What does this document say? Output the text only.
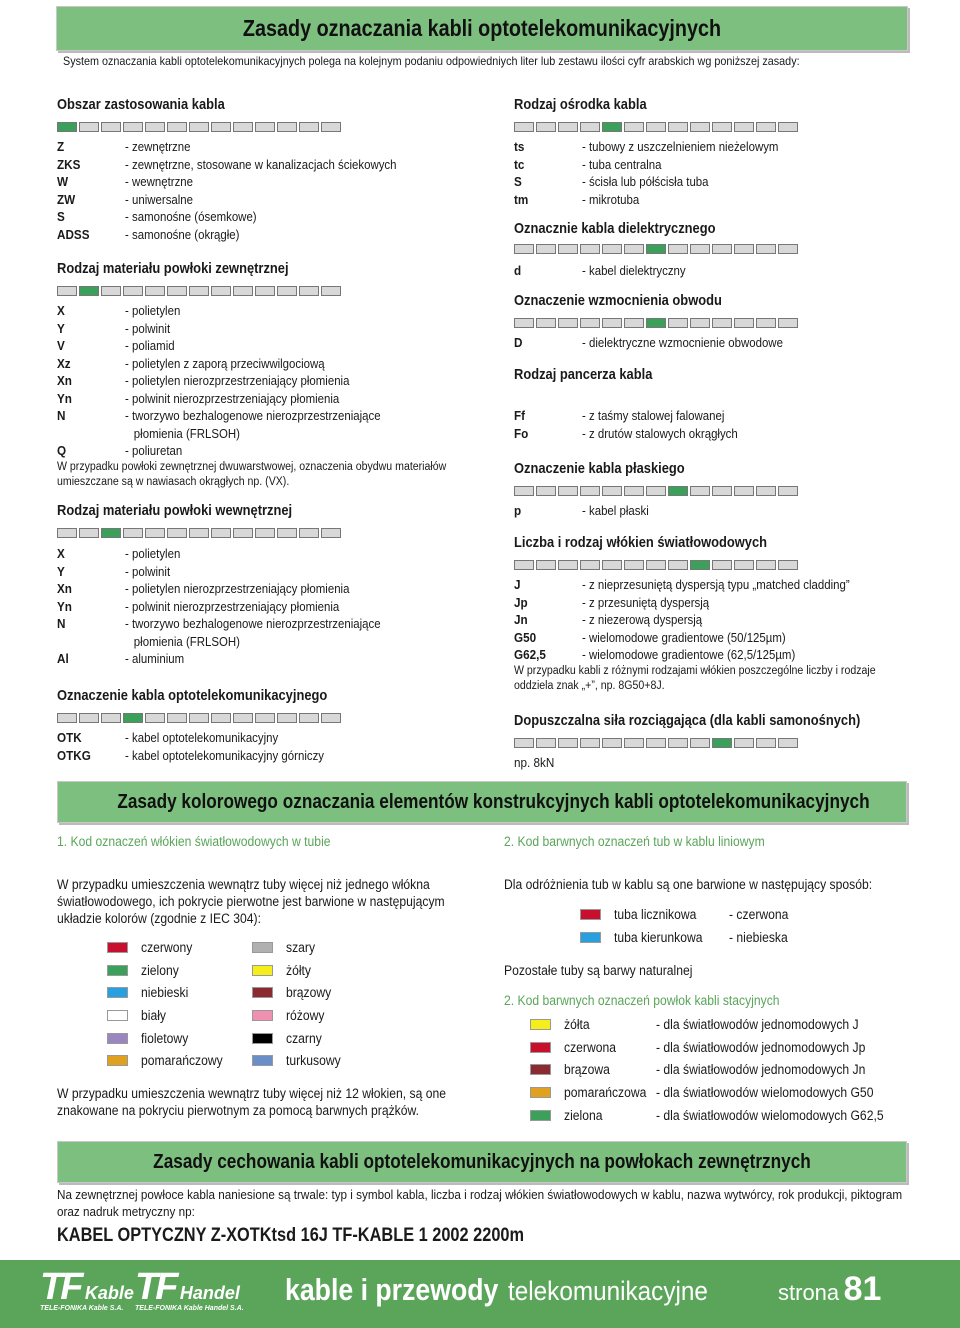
Zasady oznaczania kabli optotelekomunikacyjnych
System oznaczania kabli optotelekomunikacyjnych polega na kolejnym podaniu odpowiedniych liter lub zestawu ilości cyfr arabskich wg poniższej zasady:
Obszar zastosowania kabla
Z	- zewnętrzne
ZKS	- zewnętrzne, stosowane w kanalizacjach ściekowych
W	- wewnętrzne
ZW	- uniwersalne
S	- samonośne (ósemkowe)
ADSS	- samonośne (okrągłe)
Rodzaj materiału powłoki zewnętrznej
X	- polietylen
Y	- polwinit
V	- poliamid
Xz	- polietylen z zaporą przeciwwilgociową
Xn	- polietylen nierozprzestrzeniający płomienia
Yn	- polwinit nierozprzestrzeniający płomienia
N	- tworzywo bezhalogenowe nierozprzestrzeniające
płomienia (FRLSOH)
Q	- poliuretan
W przypadku powłoki zewnętrznej dwuwarstwowej, oznaczenia obydwu materiałów umieszczane są w nawiasach okrągłych np. (VX).
Rodzaj materiału powłoki wewnętrznej
X	- polietylen
Y	- polwinit
Xn	- polietylen nierozprzestrzeniający płomienia
Yn	- polwinit nierozprzestrzeniający płomienia
N	- tworzywo bezhalogenowe nierozprzestrzeniające
płomienia (FRLSOH)
Al	- aluminium
Oznaczenie kabla optotelekomunikacyjnego
OTK	- kabel optotelekomunikacyjny
OTKG	- kabel optotelekomunikacyjny górniczy
Rodzaj ośrodka kabla
ts	- tubowy z uszczelnieniem nieżelowym
tc	- tuba centralna
S	- ścisła lub półścisła tuba
tm	- mikrotuba
Oznacznie kabla dielektrycznego
d	- kabel dielektryczny
Oznaczenie wzmocnienia obwodu
D	- dielektryczne wzmocnienie obwodowe
Rodzaj pancerza kabla
Ff	- z taśmy stalowej falowanej
Fo	- z drutów stalowych okrągłych
Oznaczenie kabla płaskiego
p	- kabel płaski
Liczba i rodzaj włókien światłowodowych
J	- z nieprzesuniętą dyspersją typu „matched cladding”
Jp	- z przesuniętą dyspersją
Jn	- z niezerową dyspersją
G50	- wielomodowe gradientowe (50/125µm)
G62,5	- wielomodowe gradientowe (62,5/125µm)
W przypadku kabli z różnymi rodzajami włókien poszczególne liczby i rodzaje oddziela znak „+”, np. 8G50+8J.
Dopuszczalna siła rozciągająca (dla kabli samonośnych)
np. 8kN
Zasady kolorowego oznaczania elementów konstrukcyjnych kabli optotelekomunikacyjnych
1. Kod oznaczeń włókien światłowodowych w tubie
W przypadku umieszczenia wewnątrz tuby więcej niż jednego włókna światłowodowego, ich pokrycie pierwotne jest barwione w następującym układzie kolorów (zgodnie z IEC 304):
czerwony
zielony
niebieski
biały
fioletowy
pomarańczowy
szary
żółty
brązowy
różowy
czarny
turkusowy
W przypadku umieszczenia wewnątrz tuby więcej niż 12 włokien, są one znakowane na pokryciu pierwotnym za pomocą barwnych prążków.
2. Kod barwnych oznaczeń tub w kablu liniowym
Dla odróżnienia tub w kablu są one barwione w następujący sposób:
tuba licznikowa	- czerwona
tuba kierunkowa	- niebieska
Pozostałe tuby są barwy naturalnej
2. Kod barwnych oznaczeń powłok kabli stacyjnych
żółta	- dla światłowodów jednomodowych J
czerwona	- dla światłowodów jednomodowych Jp
brązowa	- dla światłowodów jednomodowych Jn
pomarańczowa - dla światłowodów wielomodowych G50
zielona	- dla światłowodów wielomodowych G62,5
Zasady cechowania kabli optotelekomunikacyjnych na powłokach zewnętrznych
Na zewnętrznej powłoce kabla naniesione są trwale: typ i symbol kabla, liczba i rodzaj włókien światłowodowych w kablu, nazwa wytwórcy, rok produkcji, piktogram oraz nadruk metryczny np:
KABEL OPTYCZNY Z-XOTKtsd 16J TF-KABLE 1 2002 2200m
TF Kable
TELE-FONIKA Kable S.A.
TF Handel
TELE-FONIKA Kable Handel S.A.
kable i przewody telekomunikacyjne	strona 81
